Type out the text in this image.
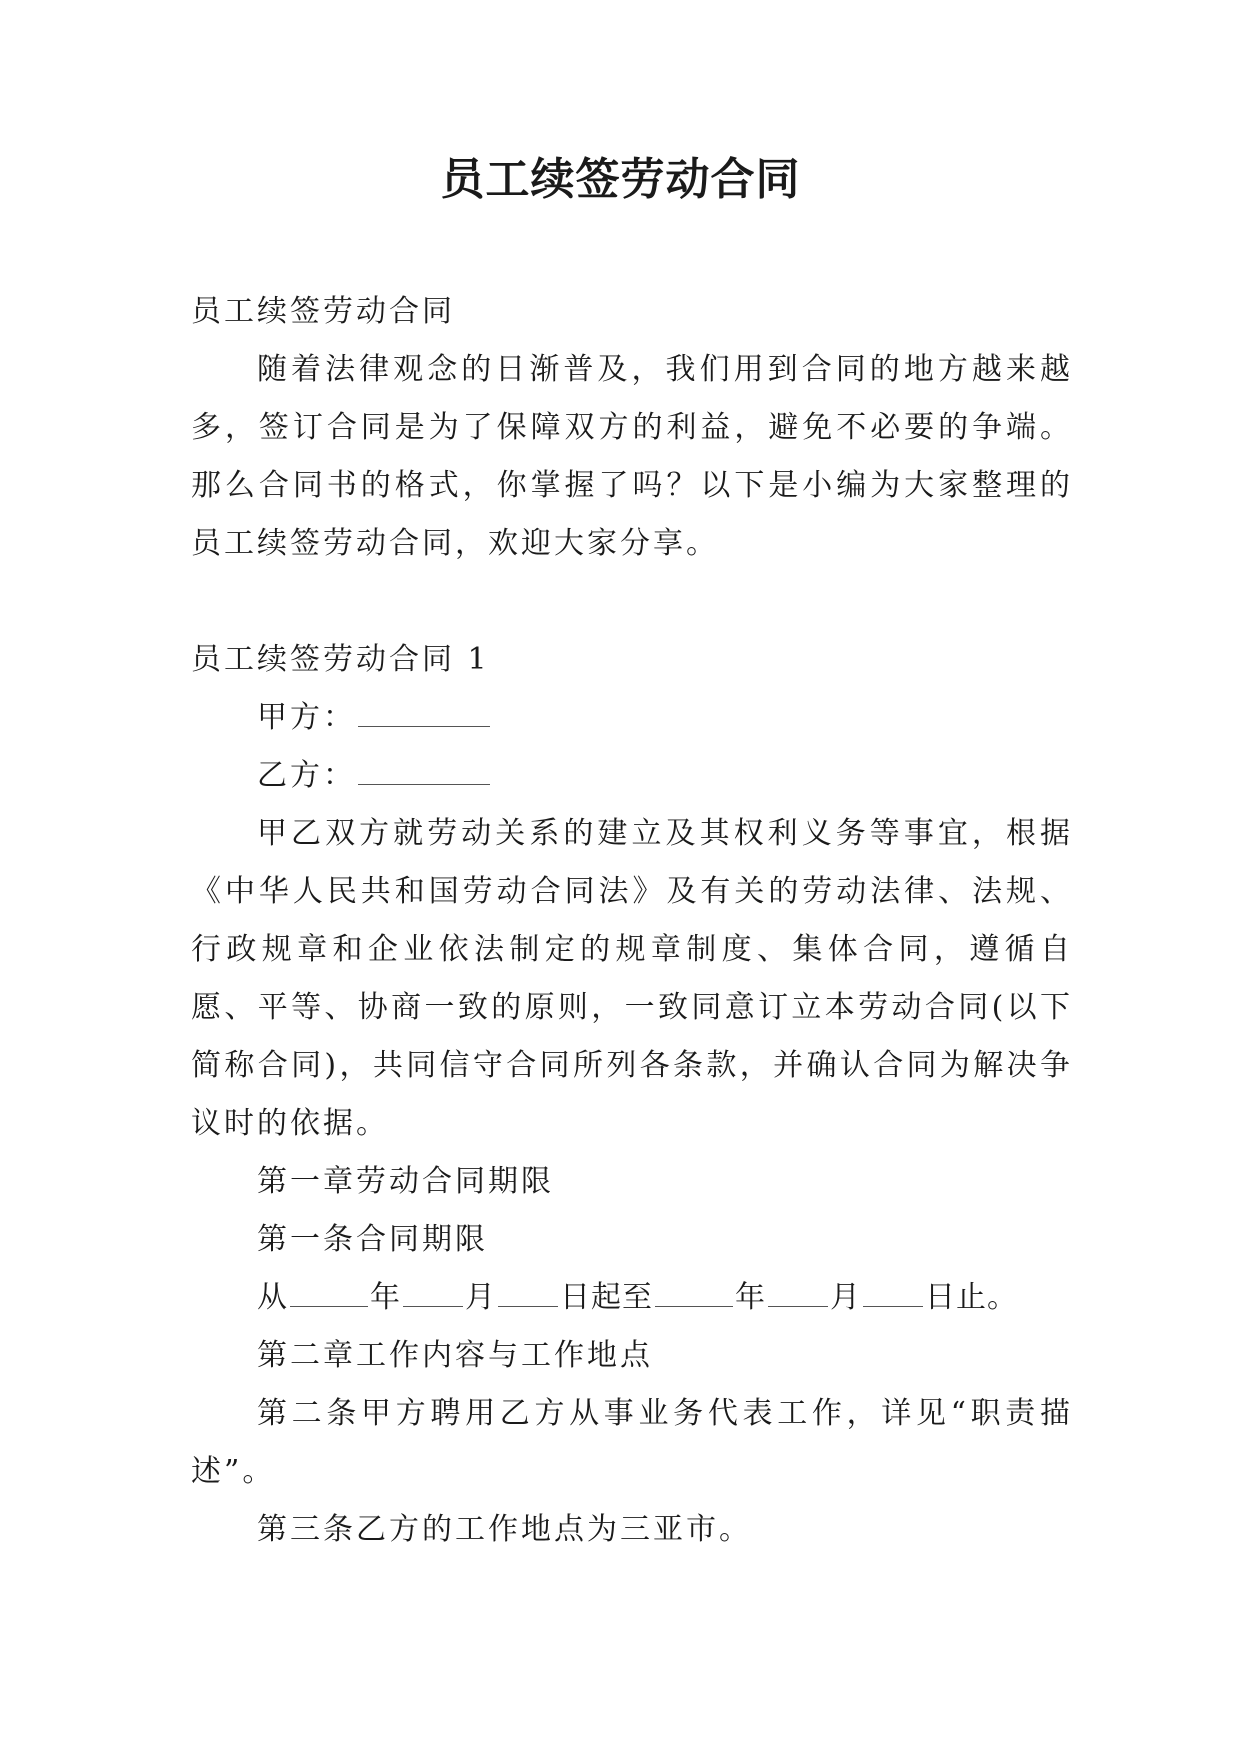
员工续签劳动合同

员工续签劳动合同

随着法律观念的日渐普及，我们用到合同的地方越来越多，签订合同是为了保障双方的利益，避免不必要的争端。那么合同书的格式，你掌握了吗？以下是小编为大家整理的员工续签劳动合同，欢迎大家分享。

员工续签劳动合同 1

甲方：

乙方：

甲乙双方就劳动关系的建立及其权利义务等事宜，根据《中华人民共和国劳动合同法》及有关的劳动法律、法规、行政规章和企业依法制定的规章制度、集体合同，遵循自愿、平等、协商一致的原则，一致同意订立本劳动合同(以下简称合同)，共同信守合同所列各条款，并确认合同为解决争议时的依据。

第一章劳动合同期限

第一条合同期限

从	年 月 日起至	年 月 日止。

第二章工作内容与工作地点

第二条甲方聘用乙方从事业务代表工作，详见“职责描述”。

第三条乙方的工作地点为三亚市。
